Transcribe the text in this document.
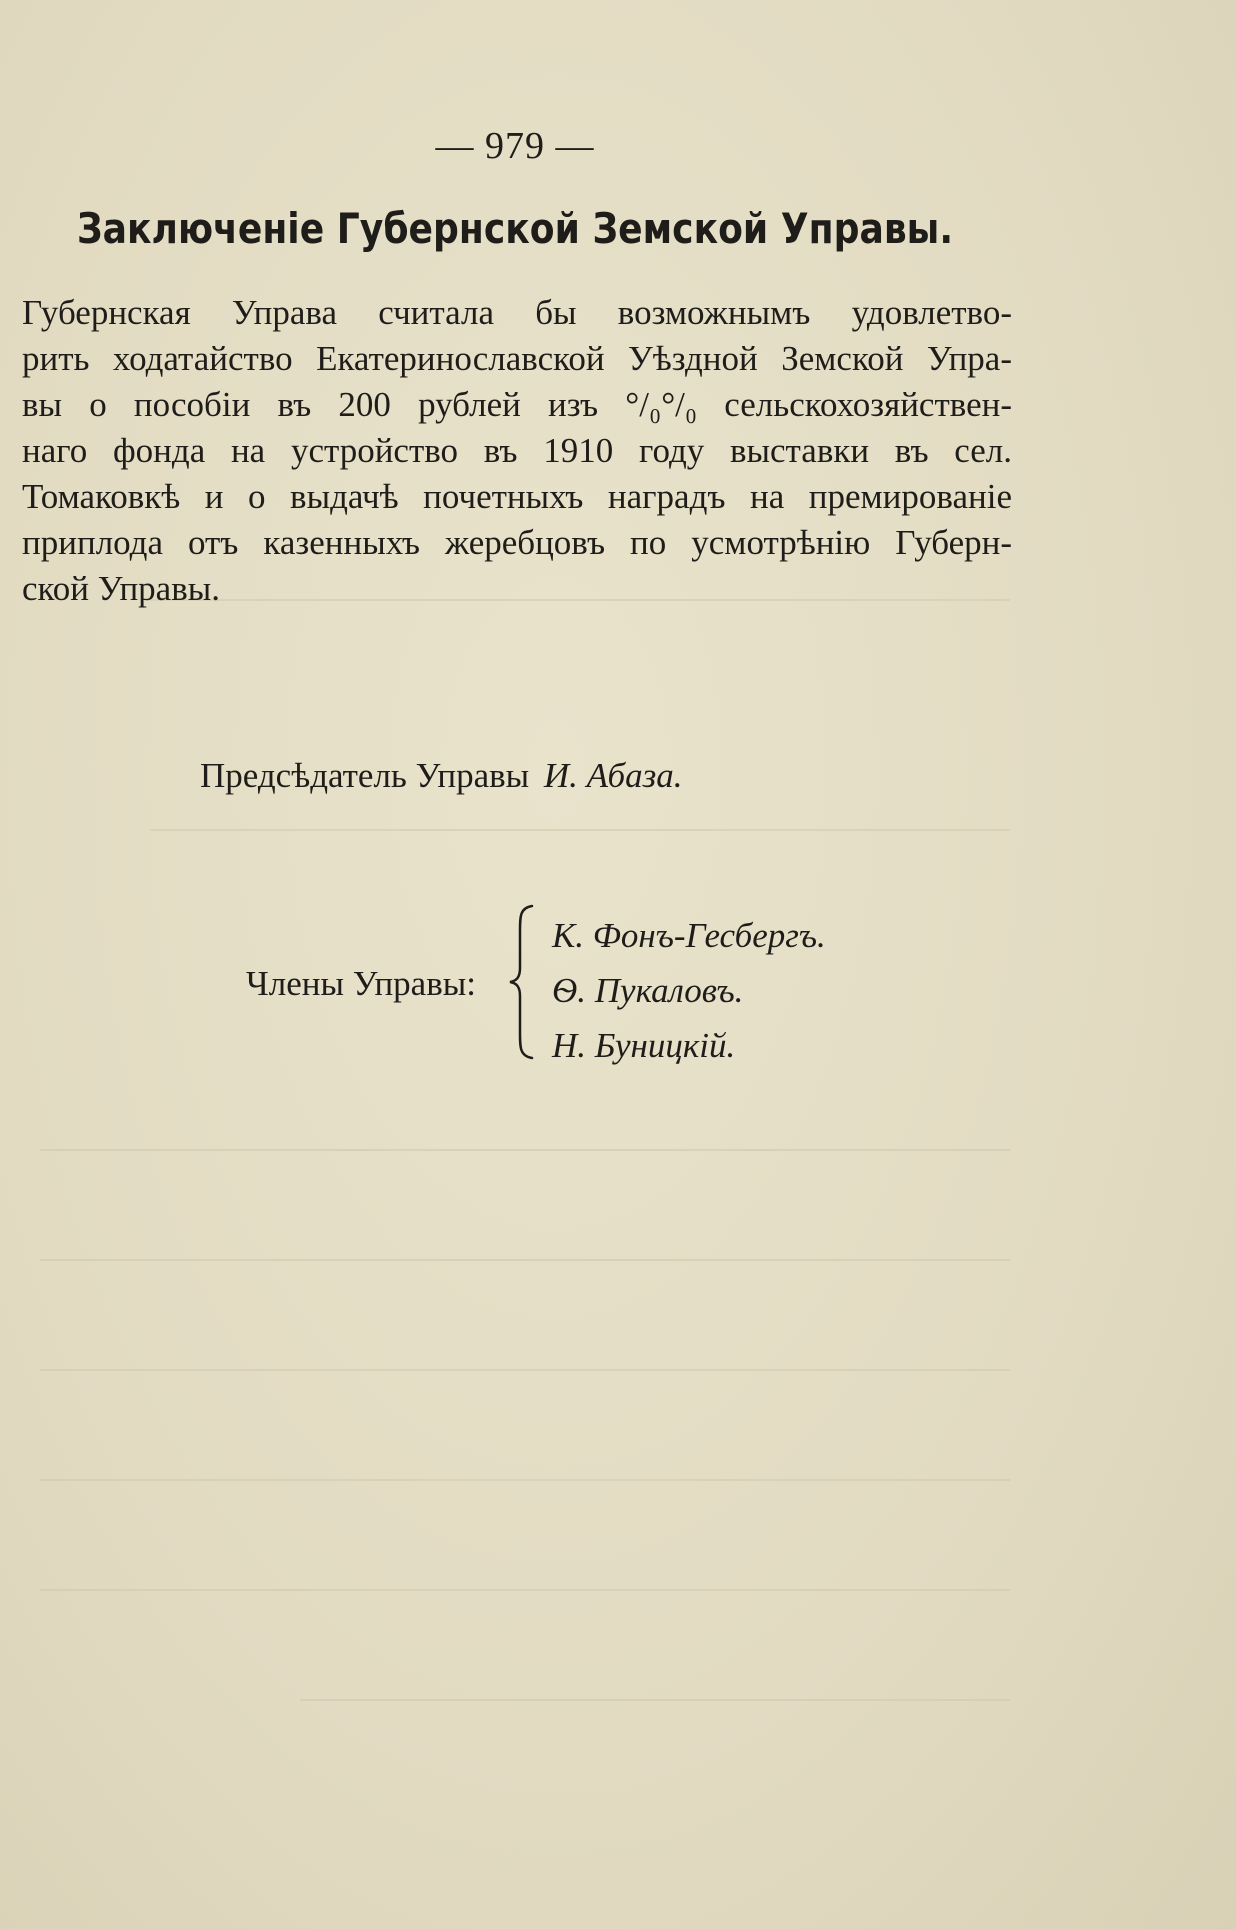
— 979 —
Заключеніе Губернской Земской Управы.
Губернская Управа считала бы возможнымъ удовлетво-
рить ходатайство Екатеринославской Уѣздной Земской Упра-
вы о пособіи въ 200 рублей изъ °/₀°/₀ сельскохозяйствен-
наго фонда на устройство въ 1910 году выставки въ сел.
Томаковкѣ и о выдачѣ почетныхъ наградъ на премированіе
приплода отъ казенныхъ жеребцовъ по усмотрѣнію Губерн-
ской Управы.
Предсѣдатель Управы И. Абаза.
Члены Управы:
К. Фонъ-Гесбергъ.
Ѳ. Пукаловъ.
Н. Буницкій.
